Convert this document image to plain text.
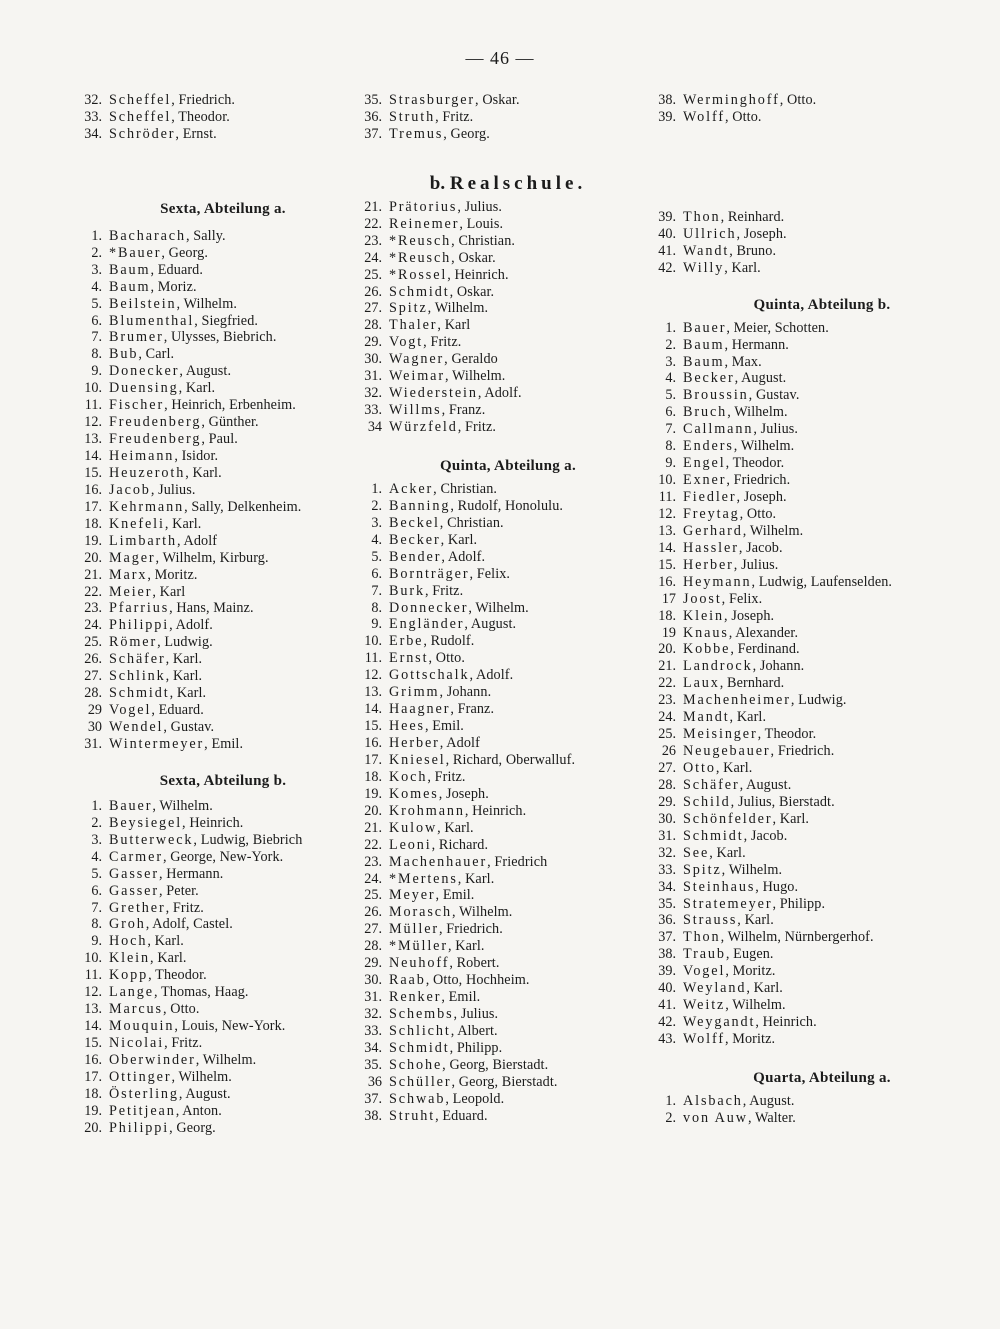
— 46 —
32. Scheffel, Friedrich.
33. Scheffel, Theodor.
34. Schröder, Ernst.
Sexta, Abteilung a.
1. Bacharach, Sally.
2. *Bauer, Georg.
3. Baum, Eduard.
4. Baum, Moriz.
5. Beilstein, Wilhelm.
6. Blumenthal, Siegfried.
7. Brumer, Ulysses, Biebrich.
8. Bub, Carl.
9. Donecker, August.
10. Duensing, Karl.
11. Fischer, Heinrich, Erbenheim.
12. Freudenberg, Günther.
13. Freudenberg, Paul.
14. Heimann, Isidor.
15. Heuzeroth, Karl.
16. Jacob, Julius.
17. Kehrmann, Sally, Delkenheim.
18. Knefeli, Karl.
19. Limbarth, Adolf
20. Mager, Wilhelm, Kirburg.
21. Marx, Moritz.
22. Meier, Karl
23. Pfarrius, Hans, Mainz.
24. Philippi, Adolf.
25. Römer, Ludwig.
26. Schäfer, Karl.
27. Schlink, Karl.
28. Schmidt, Karl.
29 Vogel, Eduard.
30 Wendel, Gustav.
31. Wintermeyer, Emil.
Sexta, Abteilung b.
1. Bauer, Wilhelm.
2. Beysiegel, Heinrich.
3. Butterweck, Ludwig, Biebrich
4. Carmer, George, New-York.
5. Gasser, Hermann.
6. Gasser, Peter.
7. Grether, Fritz.
8. Groh, Adolf, Castel.
9. Hoch, Karl.
10. Klein, Karl.
11. Kopp, Theodor.
12. Lange, Thomas, Haag.
13. Marcus, Otto.
14. Mouquin, Louis, New-York.
15. Nicolai, Fritz.
16. Oberwinder, Wilhelm.
17. Ottinger, Wilhelm.
18. Österling, August.
19. Petitjean, Anton.
20. Philippi, Georg.
35. Strasburger, Oskar.
36. Struth, Fritz.
37. Tremus, Georg.
b. Realschule.
21. Prätorius, Julius.
22. Reinemer, Louis.
23. *Reusch, Christian.
24. *Reusch, Oskar.
25. *Rossel, Heinrich.
26. Schmidt, Oskar.
27. Spitz, Wilhelm.
28. Thaler, Karl
29. Vogt, Fritz.
30. Wagner, Geraldo
31. Weimar, Wilhelm.
32. Wiederstein, Adolf.
33. Willms, Franz.
34 Würzfeld, Fritz.
Quinta, Abteilung a.
1. Acker, Christian.
2. Banning, Rudolf, Honolulu.
3. Beckel, Christian.
4. Becker, Karl.
5. Bender, Adolf.
6. Bornträger, Felix.
7. Burk, Fritz.
8. Donnecker, Wilhelm.
9. Engländer, August.
10. Erbe, Rudolf.
11. Ernst, Otto.
12. Gottschalk, Adolf.
13. Grimm, Johann.
14. Haagner, Franz.
15. Hees, Emil.
16. Herber, Adolf
17. Kniesel, Richard, Oberwalluf.
18. Koch, Fritz.
19. Komes, Joseph.
20. Krohmann, Heinrich.
21. Kulow, Karl.
22. Leoni, Richard.
23. Machenhauer, Friedrich
24. *Mertens, Karl.
25. Meyer, Emil.
26. Morasch, Wilhelm.
27. Müller, Friedrich.
28. *Müller, Karl.
29. Neuhoff, Robert.
30. Raab, Otto, Hochheim.
31. Renker, Emil.
32. Schembs, Julius.
33. Schlicht, Albert.
34. Schmidt, Philipp.
35. Schohe, Georg, Bierstadt.
36 Schüller, Georg, Bierstadt.
37. Schwab, Leopold.
38. Struht, Eduard.
38. Werminghoff, Otto.
39. Wolff, Otto.
39. Thon, Reinhard.
40. Ullrich, Joseph.
41. Wandt, Bruno.
42. Willy, Karl.
Quinta, Abteilung b.
1. Bauer, Meier, Schotten.
2. Baum, Hermann.
3. Baum, Max.
4. Becker, August.
5. Broussin, Gustav.
6. Bruch, Wilhelm.
7. Callmann, Julius.
8. Enders, Wilhelm.
9. Engel, Theodor.
10. Exner, Friedrich.
11. Fiedler, Joseph.
12. Freytag, Otto.
13. Gerhard, Wilhelm.
14. Hassler, Jacob.
15. Herber, Julius.
16. Heymann, Ludwig, Laufenselden.
17 Joost, Felix.
18. Klein, Joseph.
19 Knaus, Alexander.
20. Kobbe, Ferdinand.
21. Landrock, Johann.
22. Laux, Bernhard.
23. Machenheimer, Ludwig.
24. Mandt, Karl.
25. Meisinger, Theodor.
26 Neugebauer, Friedrich.
27. Otto, Karl.
28. Schäfer, August.
29. Schild, Julius, Bierstadt.
30. Schönfelder, Karl.
31. Schmidt, Jacob.
32. See, Karl.
33. Spitz, Wilhelm.
34. Steinhaus, Hugo.
35. Stratemeyer, Philipp.
36. Strauss, Karl.
37. Thon, Wilhelm, Nürnbergerhof.
38. Traub, Eugen.
39. Vogel, Moritz.
40. Weyland, Karl.
41. Weitz, Wilhelm.
42. Weygandt, Heinrich.
43. Wolff, Moritz.
Quarta, Abteilung a.
1. Alsbach, August.
2. von Auw, Walter.
